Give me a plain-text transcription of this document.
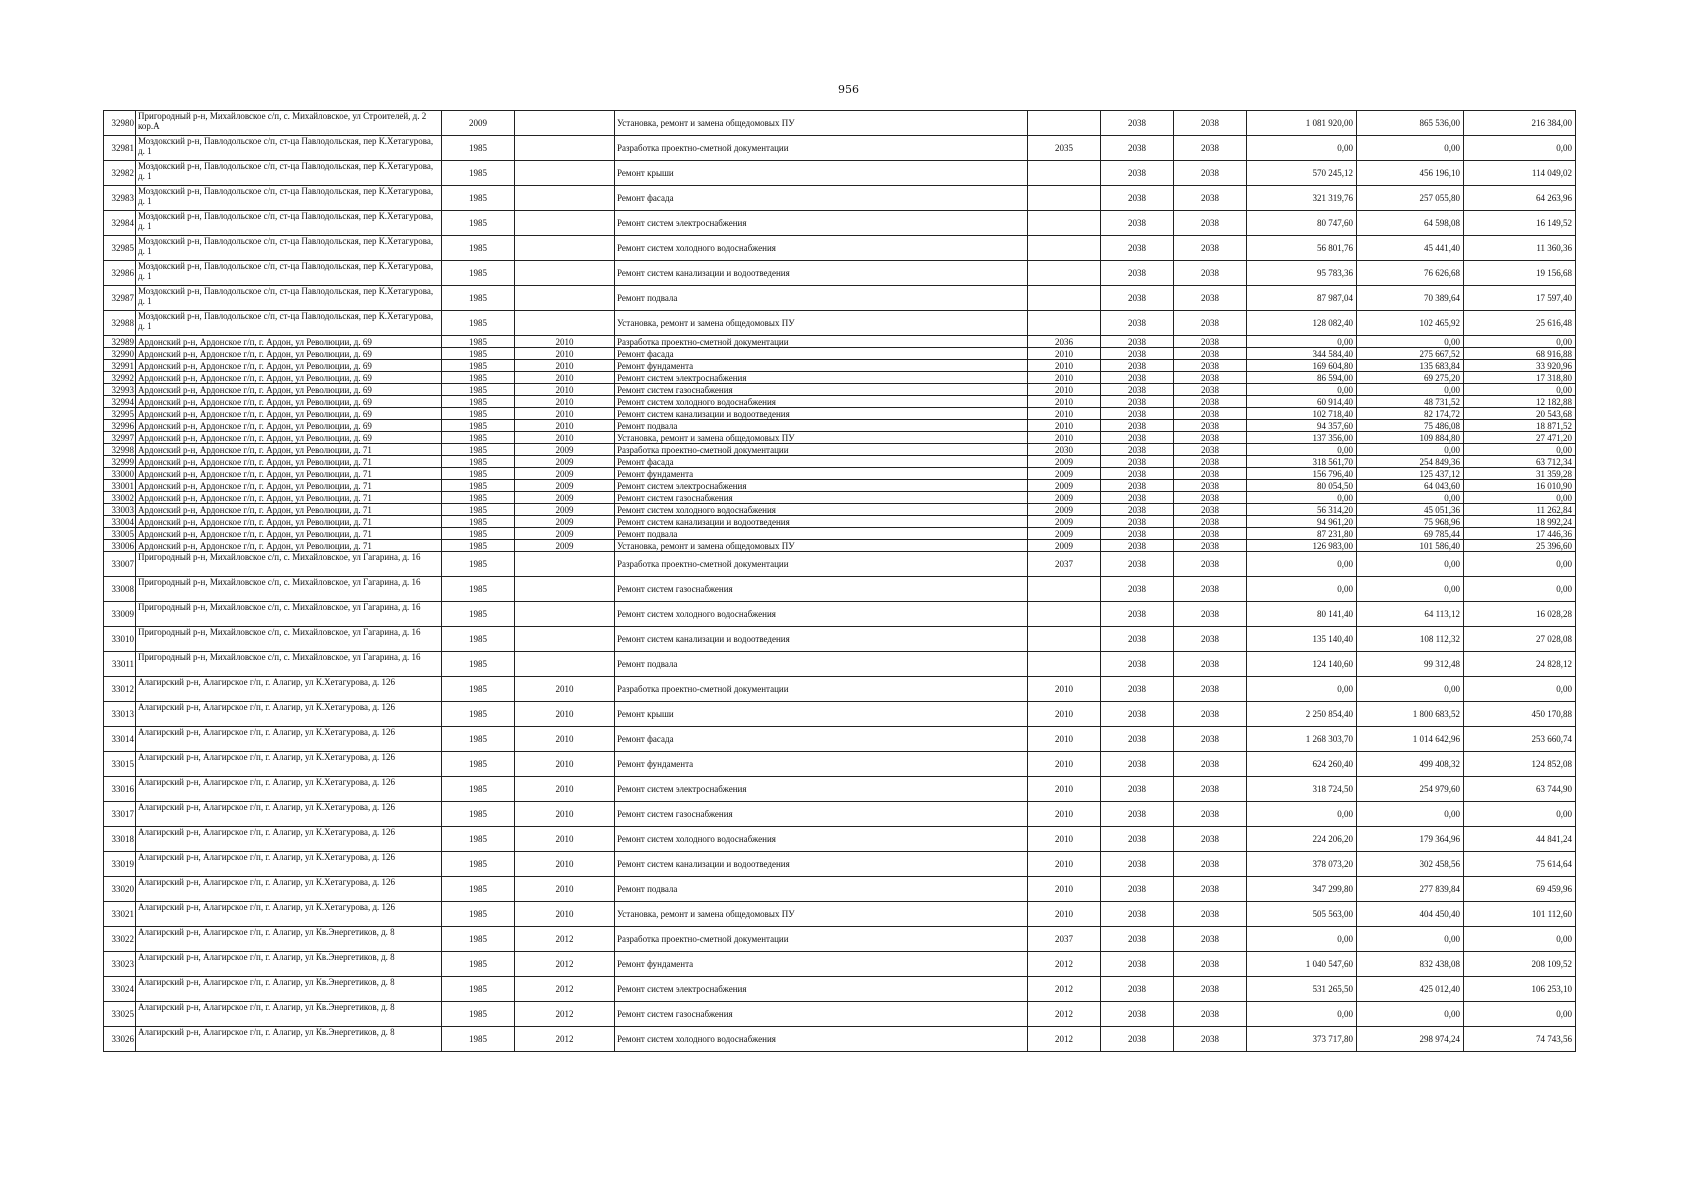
956
32980	Пригородный р-н, Михайловское с/п, с. Михайловское, ул Строителей, д. 2 кор.А	2009		Установка, ремонт и замена общедомовых ПУ		2038	2038	1 081 920,00	865 536,00	216 384,00
32981	Моздокский р-н, Павлодольское с/п, ст-ца Павлодольская, пер К.Хетагурова, д. 1	1985		Разработка проектно-сметной документации	2035	2038	2038	0,00	0,00	0,00
32982	Моздокский р-н, Павлодольское с/п, ст-ца Павлодольская, пер К.Хетагурова, д. 1	1985		Ремонт крыши		2038	2038	570 245,12	456 196,10	114 049,02
32983	Моздокский р-н, Павлодольское с/п, ст-ца Павлодольская, пер К.Хетагурова, д. 1	1985		Ремонт фасада		2038	2038	321 319,76	257 055,80	64 263,96
32984	Моздокский р-н, Павлодольское с/п, ст-ца Павлодольская, пер К.Хетагурова, д. 1	1985		Ремонт систем электроснабжения		2038	2038	80 747,60	64 598,08	16 149,52
32985	Моздокский р-н, Павлодольское с/п, ст-ца Павлодольская, пер К.Хетагурова, д. 1	1985		Ремонт систем холодного водоснабжения		2038	2038	56 801,76	45 441,40	11 360,36
32986	Моздокский р-н, Павлодольское с/п, ст-ца Павлодольская, пер К.Хетагурова, д. 1	1985		Ремонт систем канализации и водоотведения		2038	2038	95 783,36	76 626,68	19 156,68
32987	Моздокский р-н, Павлодольское с/п, ст-ца Павлодольская, пер К.Хетагурова, д. 1	1985		Ремонт подвала		2038	2038	87 987,04	70 389,64	17 597,40
32988	Моздокский р-н, Павлодольское с/п, ст-ца Павлодольская, пер К.Хетагурова, д. 1	1985		Установка, ремонт и замена общедомовых ПУ		2038	2038	128 082,40	102 465,92	25 616,48
32989	Ардонский р-н, Ардонское г/п, г. Ардон, ул Революции, д. 69	1985	2010	Разработка проектно-сметной документации	2036	2038	2038	0,00	0,00	0,00
32990	Ардонский р-н, Ардонское г/п, г. Ардон, ул Революции, д. 69	1985	2010	Ремонт фасада	2010	2038	2038	344 584,40	275 667,52	68 916,88
32991	Ардонский р-н, Ардонское г/п, г. Ардон, ул Революции, д. 69	1985	2010	Ремонт фундамента	2010	2038	2038	169 604,80	135 683,84	33 920,96
32992	Ардонский р-н, Ардонское г/п, г. Ардон, ул Революции, д. 69	1985	2010	Ремонт систем электроснабжения	2010	2038	2038	86 594,00	69 275,20	17 318,80
32993	Ардонский р-н, Ардонское г/п, г. Ардон, ул Революции, д. 69	1985	2010	Ремонт систем газоснабжения	2010	2038	2038	0,00	0,00	0,00
32994	Ардонский р-н, Ардонское г/п, г. Ардон, ул Революции, д. 69	1985	2010	Ремонт систем холодного водоснабжения	2010	2038	2038	60 914,40	48 731,52	12 182,88
32995	Ардонский р-н, Ардонское г/п, г. Ардон, ул Революции, д. 69	1985	2010	Ремонт систем канализации и водоотведения	2010	2038	2038	102 718,40	82 174,72	20 543,68
32996	Ардонский р-н, Ардонское г/п, г. Ардон, ул Революции, д. 69	1985	2010	Ремонт подвала	2010	2038	2038	94 357,60	75 486,08	18 871,52
32997	Ардонский р-н, Ардонское г/п, г. Ардон, ул Революции, д. 69	1985	2010	Установка, ремонт и замена общедомовых ПУ	2010	2038	2038	137 356,00	109 884,80	27 471,20
32998	Ардонский р-н, Ардонское г/п, г. Ардон, ул Революции, д. 71	1985	2009	Разработка проектно-сметной документации	2030	2038	2038	0,00	0,00	0,00
32999	Ардонский р-н, Ардонское г/п, г. Ардон, ул Революции, д. 71	1985	2009	Ремонт фасада	2009	2038	2038	318 561,70	254 849,36	63 712,34
33000	Ардонский р-н, Ардонское г/п, г. Ардон, ул Революции, д. 71	1985	2009	Ремонт фундамента	2009	2038	2038	156 796,40	125 437,12	31 359,28
33001	Ардонский р-н, Ардонское г/п, г. Ардон, ул Революции, д. 71	1985	2009	Ремонт систем электроснабжения	2009	2038	2038	80 054,50	64 043,60	16 010,90
33002	Ардонский р-н, Ардонское г/п, г. Ардон, ул Революции, д. 71	1985	2009	Ремонт систем газоснабжения	2009	2038	2038	0,00	0,00	0,00
33003	Ардонский р-н, Ардонское г/п, г. Ардон, ул Революции, д. 71	1985	2009	Ремонт систем холодного водоснабжения	2009	2038	2038	56 314,20	45 051,36	11 262,84
33004	Ардонский р-н, Ардонское г/п, г. Ардон, ул Революции, д. 71	1985	2009	Ремонт систем канализации и водоотведения	2009	2038	2038	94 961,20	75 968,96	18 992,24
33005	Ардонский р-н, Ардонское г/п, г. Ардон, ул Революции, д. 71	1985	2009	Ремонт подвала	2009	2038	2038	87 231,80	69 785,44	17 446,36
33006	Ардонский р-н, Ардонское г/п, г. Ардон, ул Революции, д. 71	1985	2009	Установка, ремонт и замена общедомовых ПУ	2009	2038	2038	126 983,00	101 586,40	25 396,60
33007	Пригородный р-н, Михайловское с/п, с. Михайловское, ул Гагарина, д. 16	1985		Разработка проектно-сметной документации	2037	2038	2038	0,00	0,00	0,00
33008	Пригородный р-н, Михайловское с/п, с. Михайловское, ул Гагарина, д. 16	1985		Ремонт систем газоснабжения		2038	2038	0,00	0,00	0,00
33009	Пригородный р-н, Михайловское с/п, с. Михайловское, ул Гагарина, д. 16	1985		Ремонт систем холодного водоснабжения		2038	2038	80 141,40	64 113,12	16 028,28
33010	Пригородный р-н, Михайловское с/п, с. Михайловское, ул Гагарина, д. 16	1985		Ремонт систем канализации и водоотведения		2038	2038	135 140,40	108 112,32	27 028,08
33011	Пригородный р-н, Михайловское с/п, с. Михайловское, ул Гагарина, д. 16	1985		Ремонт подвала		2038	2038	124 140,60	99 312,48	24 828,12
33012	Алагирский р-н, Алагирское г/п, г. Алагир, ул К.Хетагурова, д. 126	1985	2010	Разработка проектно-сметной документации	2010	2038	2038	0,00	0,00	0,00
33013	Алагирский р-н, Алагирское г/п, г. Алагир, ул К.Хетагурова, д. 126	1985	2010	Ремонт крыши	2010	2038	2038	2 250 854,40	1 800 683,52	450 170,88
33014	Алагирский р-н, Алагирское г/п, г. Алагир, ул К.Хетагурова, д. 126	1985	2010	Ремонт фасада	2010	2038	2038	1 268 303,70	1 014 642,96	253 660,74
33015	Алагирский р-н, Алагирское г/п, г. Алагир, ул К.Хетагурова, д. 126	1985	2010	Ремонт фундамента	2010	2038	2038	624 260,40	499 408,32	124 852,08
33016	Алагирский р-н, Алагирское г/п, г. Алагир, ул К.Хетагурова, д. 126	1985	2010	Ремонт систем электроснабжения	2010	2038	2038	318 724,50	254 979,60	63 744,90
33017	Алагирский р-н, Алагирское г/п, г. Алагир, ул К.Хетагурова, д. 126	1985	2010	Ремонт систем газоснабжения	2010	2038	2038	0,00	0,00	0,00
33018	Алагирский р-н, Алагирское г/п, г. Алагир, ул К.Хетагурова, д. 126	1985	2010	Ремонт систем холодного водоснабжения	2010	2038	2038	224 206,20	179 364,96	44 841,24
33019	Алагирский р-н, Алагирское г/п, г. Алагир, ул К.Хетагурова, д. 126	1985	2010	Ремонт систем канализации и водоотведения	2010	2038	2038	378 073,20	302 458,56	75 614,64
33020	Алагирский р-н, Алагирское г/п, г. Алагир, ул К.Хетагурова, д. 126	1985	2010	Ремонт подвала	2010	2038	2038	347 299,80	277 839,84	69 459,96
33021	Алагирский р-н, Алагирское г/п, г. Алагир, ул К.Хетагурова, д. 126	1985	2010	Установка, ремонт и замена общедомовых ПУ	2010	2038	2038	505 563,00	404 450,40	101 112,60
33022	Алагирский р-н, Алагирское г/п, г. Алагир, ул Кв.Энергетиков, д. 8	1985	2012	Разработка проектно-сметной документации	2037	2038	2038	0,00	0,00	0,00
33023	Алагирский р-н, Алагирское г/п, г. Алагир, ул Кв.Энергетиков, д. 8	1985	2012	Ремонт фундамента	2012	2038	2038	1 040 547,60	832 438,08	208 109,52
33024	Алагирский р-н, Алагирское г/п, г. Алагир, ул Кв.Энергетиков, д. 8	1985	2012	Ремонт систем электроснабжения	2012	2038	2038	531 265,50	425 012,40	106 253,10
33025	Алагирский р-н, Алагирское г/п, г. Алагир, ул Кв.Энергетиков, д. 8	1985	2012	Ремонт систем газоснабжения	2012	2038	2038	0,00	0,00	0,00
33026	Алагирский р-н, Алагирское г/п, г. Алагир, ул Кв.Энергетиков, д. 8	1985	2012	Ремонт систем холодного водоснабжения	2012	2038	2038	373 717,80	298 974,24	74 743,56
